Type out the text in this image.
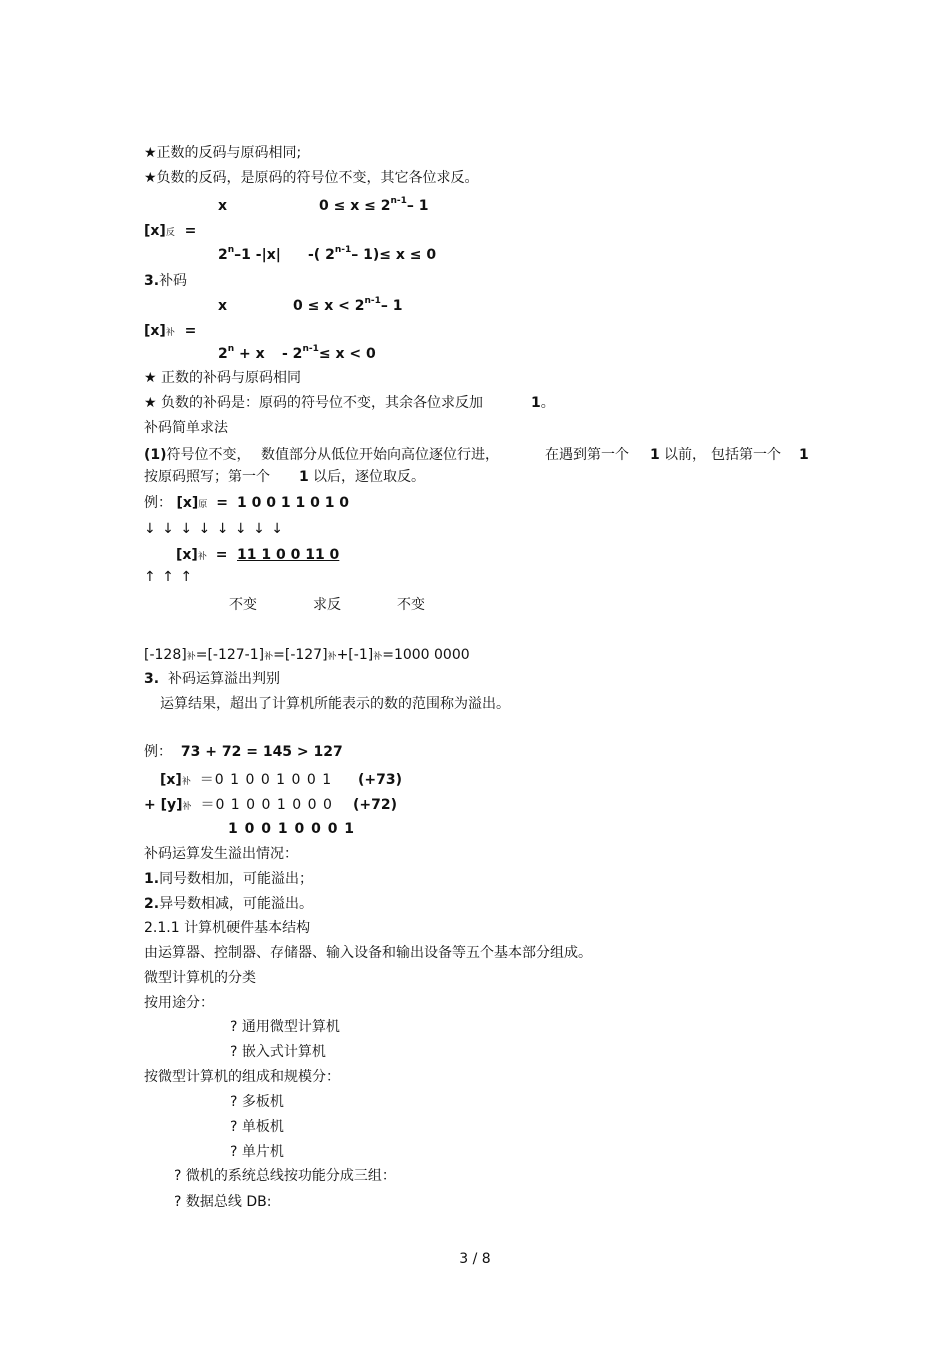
★正数的反码与原码相同;
★负数的反码，是原码的符号位不变，其它各位求反。
x	$0 \le x \le 2^{n-1}-$ 1
[x]反 =
$2^n-1$ -|x| -( 2$^{n-1}$– 1)≤ x ≤ 0
3.补码
x	$0 \le x < 2^{n-1}-$ 1
[x]补 =
$2^n + x - 2^{n-1}\le x < 0$
★ 正数的补码与原码相同
★ 负数的补码是：原码的符号位不变，其余各位求反加	1。
补码简单求法
(1)符号位不变， 数值部分从低位开始向高位逐位行进，	在遇到第一个 1 以前， 包括第一个 1
按原码照写；第一个 1 以后，逐位取反。
例： [x]原 = 1 0 0 1 1 0 1 0
↓ ↓ ↓ ↓ ↓ ↓ ↓ ↓
[x]补 = 11 1 0 0 11 0
↑ ↑ ↑
不变	求反	不变
[-128]补=[-127-1]补=[-127]补+[-1]补=1000 0000
3. 补码运算溢出判别
运算结果，超出了计算机所能表示的数的范围称为溢出。
例： 73 + 72 = 145 > 127
[x]补 ＝0 1 0 0 1 0 0 1 (+73)
+ [y]补 ＝0 1 0 0 1 0 0 0 (+72)
1 0 0 1 0 0 0 1
补码运算发生溢出情况：
1.同号数相加，可能溢出；
2.异号数相减，可能溢出。
2.1.1 计算机硬件基本结构
由运算器、控制器、存储器、输入设备和输出设备等五个基本部分组成。
微型计算机的分类
按用途分：
? 通用微型计算机
? 嵌入式计算机
按微型计算机的组成和规模分：
? 多板机
? 单板机
? 单片机
? 微机的系统总线按功能分成三组：
? 数据总线 DB:
3 / 8
